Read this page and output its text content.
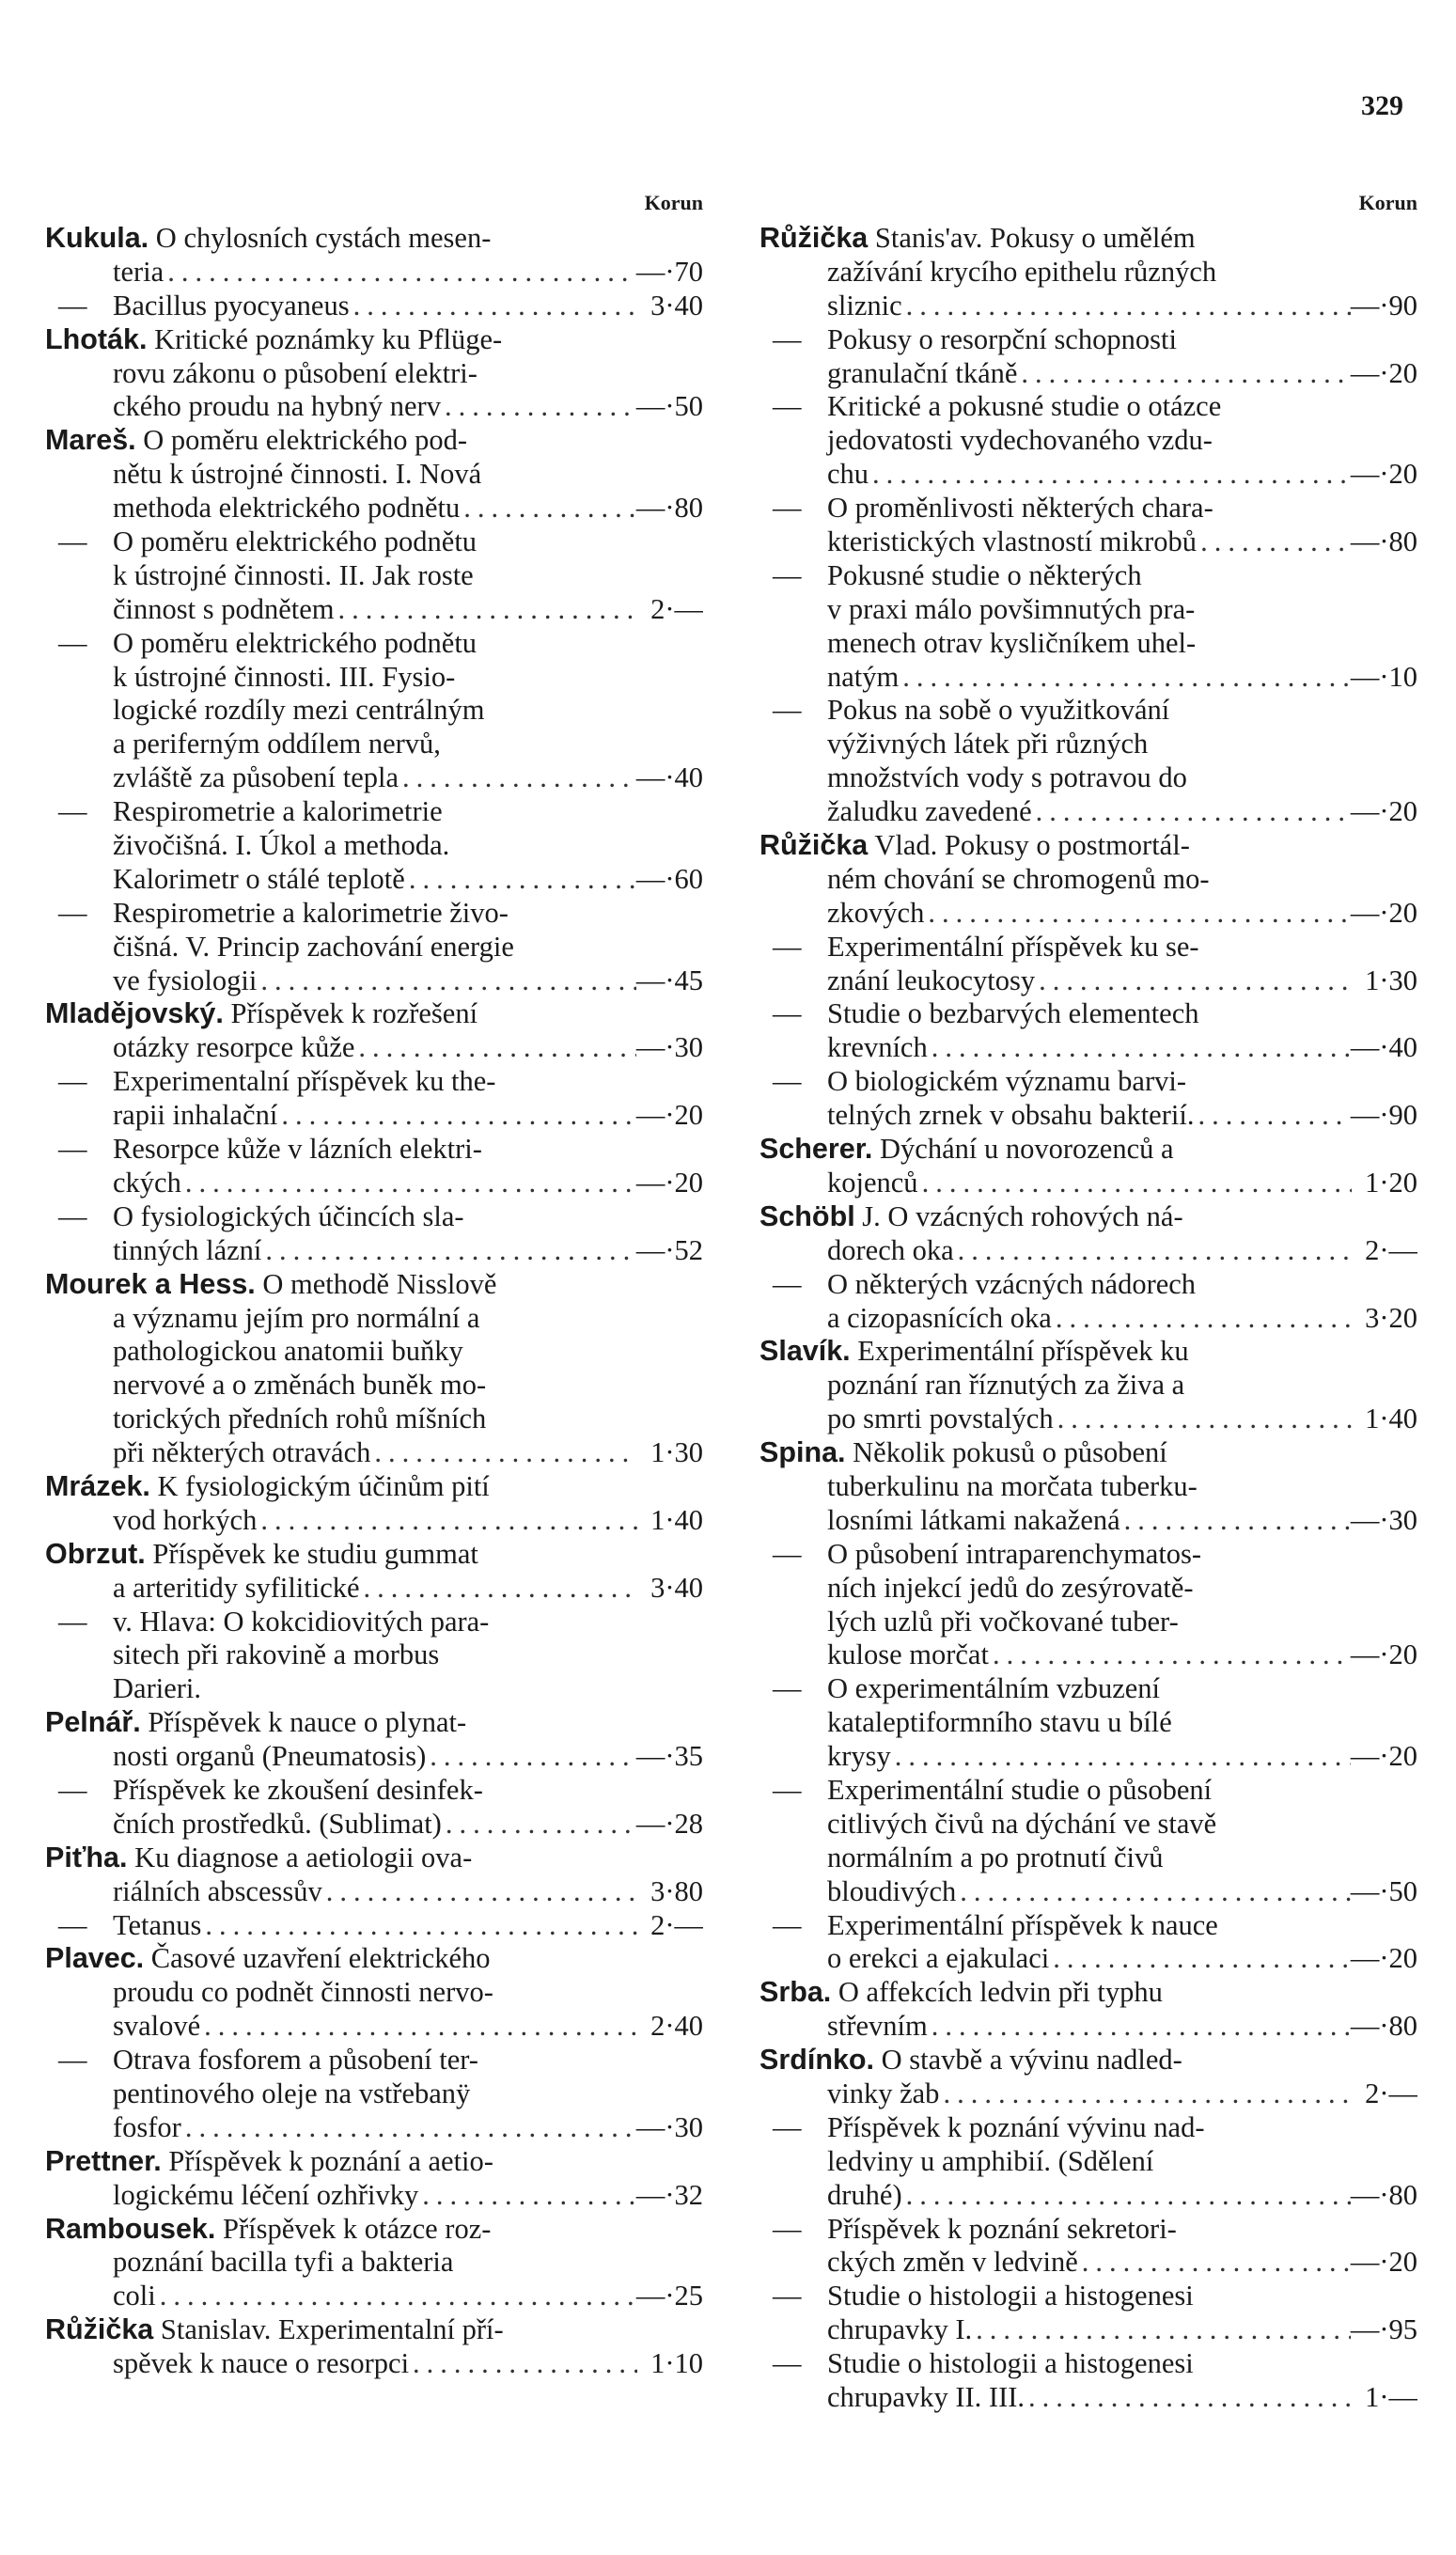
329
Korun
Kukula. O chylosních cystách mesen-
teria .....	—·70
— Bacillus pyocyaneus .....	3·40
Lhoták. Kritické poznámky ku Pflüge-
rovu zákonu o působení elektri-
ckého proudu na hybný nerv .....	—·50
Mareš. O poměru elektrického pod-
nětu k ústrojné činnosti. I. Nová
methoda elektrického podnětu .....	—·80
— O poměru elektrického podnětu
k ústrojné činnosti. II. Jak roste
činnost s podnětem .....	2·—
— O poměru elektrického podnětu
k ústrojné činnosti. III. Fysio-
logické rozdíly mezi centrálným
a periferným oddílem nervů,
zvláště za působení tepla .....	—·40
— Respirometrie a kalorimetrie
živočišná. I. Úkol a methoda.
Kalorimetr o stálé teplotě .....	—·60
— Respirometrie a kalorimetrie živo-
čišná. V. Princip zachování energie
ve fysiologii .....	—·45
Mladějovský. Příspěvek k rozřešení
otázky resorpce kůže .....	—·30
— Experimentalní příspěvek ku the-
rapii inhalační .....	—·20
— Resorpce kůže v lázních elektri-
ckých .....	—·20
— O fysiologických účincích sla-
tinných lázní .....	—·52
Mourek a Hess. O methodě Nisslově
a významu jejím pro normální a
pathologickou anatomii buňky
nervové a o změnách buněk mo-
torických předních rohů míšních
při některých otravách .....	1·30
Mrázek. K fysiologickým účinům pití
vod horkých .....	1·40
Obrzut. Příspěvek ke studiu gummat
a arteritidy syfilitické .....	3·40
— v. Hlava: O kokcidiovitých para-
sitech při rakovině a morbus
Darieri.
Pelnář. Příspěvek k nauce o plynat-
nosti organů (Pneumatosis) .....	—·35
— Příspěvek ke zkoušení desinfek-
čních prostředků. (Sublimat) .....	—·28
Piťha. Ku diagnose a aetiologii ova-
riálních abscessův .....	3·80
— Tetanus .....	2·—
Plavec. Časové uzavření elektrického
proudu co podnět činnosti nervo-
svalové .....	2·40
— Otrava fosforem a působení ter-
pentinového oleje na vstřebanÿ
fosfor .....	—·30
Prettner. Příspěvek k poznání a aetio-
logickému léčení ozhřivky .....	—·32
Rambousek. Příspěvek k otázce roz-
poznání bacilla tyfi a bakteria
coli .....	—·25
Růžička Stanislav. Experimentalní pří-
spěvek k nauce o resorpci .....	1·10
Korun
Růžička Stanis'av. Pokusy o umělém
zažívání krycího epithelu různých
sliznic .....	—·90
— Pokusy o resorpční schopnosti
granulační tkáně .....	—·20
— Kritické a pokusné studie o otázce
jedovatosti vydechovaného vzdu-
chu .....	—·20
— O proměnlivosti některých chara-
kteristických vlastností mikrobů .....	—·80
— Pokusné studie o některých
v praxi málo povšimnutých pra-
menech otrav kysličníkem uhel-
natým .....	—·10
— Pokus na sobě o využitkování
výživných látek při různých
množstvích vody s potravou do
žaludku zavedené .....	—·20
Růžička Vlad. Pokusy o postmortál-
ném chování se chromogenů mo-
zkových .....	—·20
— Experimentální příspěvek ku se-
znání leukocytosy .....	1·30
— Studie o bezbarvých elementech
krevních .....	—·40
— O biologickém významu barvi-
telných zrnek v obsahu bakterií. .....	—·90
Scherer. Dýchání u novorozenců a
kojenců .....	1·20
Schöbl J. O vzácných rohových ná-
dorech oka .....	2·—
— O některých vzácných nádorech
a cizopasnících oka .....	3·20
Slavík. Experimentální příspěvek ku
poznání ran říznutých za živa a
po smrti povstalých .....	1·40
Spina. Několik pokusů o působení
tuberkulinu na morčata tuberku-
losními látkami nakažená .....	—·30
— O působení intraparenchymatos-
ních injekcí jedů do zesýrovatě-
lých uzlů při vočkované tuber-
kulose morčat .....	—·20
— O experimentálním vzbuzení
kataleptiformního stavu u bílé
krysy .....	—·20
— Experimentální studie o působení
citlivých čivů na dýchání ve stavě
normálním a po protnutí čivů
bloudivých .....	—·50
— Experimentální příspěvek k nauce
o erekci a ejakulaci .....	—·20
Srba. O affekcích ledvin při typhu
střevním .....	—·80
Srdínko. O stavbě a vývinu nadled-
vinky žab .....	2·—
— Příspěvek k poznání vývinu nad-
ledviny u amphibií. (Sdělení
druhé) .....	—·80
— Příspěvek k poznání sekretori-
ckých změn v ledvině .....	—·20
— Studie o histologii a histogenesi
chrupavky I. .....	—·95
— Studie o histologii a histogenesi
chrupavky II. III. .....	1·—
